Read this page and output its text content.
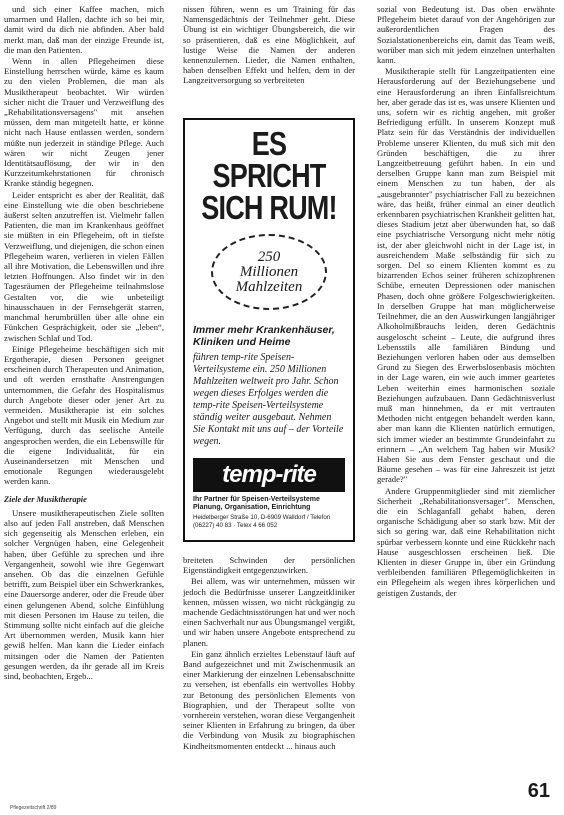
und sich einer Kaffee machen, mich umarmen und Hallen, dachte ich so bei mir, damit wird du dich nie abfinden. Aber bald merkt man, daß man der einzige Freunde ist, die man den Patienten.

Wenn in allen Pflegeheimen diese Einstellung herrschen würde, käme es kaum zu den vielen Problemen, die man als Musiktherapeut beobachtet. Wir würden sicher nicht die Trauer und Verzweiflung des „Rehabilitationsversagens" mit ansehen müssen, dem man mitgeteilt hatte, er könne nicht nach Hause entlassen werden, sondern müßte nun jederzeit in ständige Pflege. Auch wären wir nicht Zeugen jener Identitätsauflösung, der wir in den Kurzzeitumkehrstationen für chronisch Kranke ständig begegnen.

Leider entspricht es aber der Realität, daß eine Einstellung wie die oben beschriebene äußerst selten anzutreffen ist. Vielmehr fallen Patienten, die man im Krankenhaus geöffnet sie müßten in ein Pflegeheim, oft in tiefste Verzweiflung, und diejenigen, die schon einen Pflegeheim waren, verlieren in vielen Fällen all ihre Motivation, die Lebenswillen und ihre letzten Hoffnungen. Also findet wir in den Tagesräumen der Pflegeheime teilnahmslose Gestalten vor, die wie unbeteiligt hinausschauen in der Fernsehgerät starren, manchmal herumbrüllen über alle ohne ein Fünkchen Gesprächigkeit, oder sie „leben“, zwischen Schlaf und Tod.

Einige Pflegeheime beschäftigen sich mit Ergotherapie, diesen Personen geeignet erscheinen durch Therapeuten und Animation, und oft werden ernsthafte Anstrengungen unternommen, die Gefahr des Hospitalismus durch Angebote dieser oder jener Art zu vermeiden. Musiktherapie ist ein solches Angebot und stellt mit Musik ein Medium zur Verfügung, durch das seelische Anteile angesprochen werden, die ein Lebenswille für die eigene Individualität, für ein Auseinandersetzen mit Menschen und emotionale Regungen wiederausgelebt werden kann.

Ziele der Musiktherapie

Unsere musiktherapeutischen Ziele sollten also auf jeden Fall anstreben, daß Menschen sich gegenseitig als Menschen erleben, ein solcher Vergnügen haben, eine Gelegenheit haben, über Gefühle zu sprechen und ihre Vergangenheit, sowohl wie ihre Gegenwart ansehen. Ob das die einzelnen Gefühle betrifft, zum Beispiel über ein Schwerkrankes, eine Dauersorge anderer, oder die Freude über einen gelungenen Abend, solche Einfühlung mit diesen Personen im Hause zu teilen, die Stimmung sollte nicht einfach auf die gleiche Art übernommen werden, Musik kann hier gewiß helfen. Man kann die Lieder einfach mitsingen oder die Namen der Patienten gesungen werden, da ihr gerade all im Kreis sind, beobachten, Ergeb...

nissen führen, wenn es um Training für das Namensgedächtnis der Teilnehmer geht. Diese Übung ist ein wichtiger Übungsbereich, die wir so präsentieren, daß es eine Möglichkeit, auf lustige Weise die Namen der anderen kennenzulernen. Lieder, die Namen enthalten, haben denselben Effekt und helfen, dem in der Langzeitversorgung so verbreiteten

ES SPRICHT
SICH RUM!
250
Millionen
Mahlzeiten
Immer mehr Krankenhäuser, Kliniken und Heime
führen temp-rite Speisen-Verteilsysteme ein. 250 Millionen Mahlzeiten weltweit pro Jahr. Schon wegen dieses Erfolges werden die temp-rite Speisen-Verteilsysteme ständig weiter ausgebaut. Nehmen Sie Kontakt mit uns auf – der Vorteile wegen.
temp-rite
Ihr Partner für Speisen-Verteilsysteme Planung, Organisation, Einrichtung
Heidelberger Straße 10, D-6909 Walldorf / Telefon (06227) 40 83 · Telex 4 66 052

breiteten Schwinden der persönlichen Eigenständigkeit entgegenzuwirken.

Bei allem, was wir unternehmen, müssen wir jedoch die Bedürfnisse unserer Langzeitkliniker kennen, müssen wissen, wo nicht rückgängig zu machende Gedächtnisstörungen hat und wer noch einen Sachverhalt nur aus Übungsmangel vergißt, und wir haben unsere Angebote entsprechend zu planen.

Ein ganz ähnlich erzieltes Lebenstauf läuft auf Band aufgezeichnet und mit Zwischenmusik an einer Markierung der einzelnen Lebensabschnitte zu versehen, ist ebenfalls ein wertvolles Hobby zur Betonung des persönlichen Elements von Biographien, und der Therapeut sollte von vornherein verstehen, woran diese Vergangenheit seiner Klienten in Erfahrung zu bringen, da über die Verbindung von Musik zu biographischen Kindheitsmomenten entdeckt ... hinaus auch

sozial von Bedeutung ist. Das oben erwähnte Pflegeheim bietet darauf von der Angehörigen zur außerordentlichen Fragen des Sozialstationenbereichs ein, damit das Team weiß, worüber man sich mit jedem einzelnen unterhalten kann.

Musiktherapie stellt für Langzeitpatienten eine Herausforderung auf der Beziehungsebene und eine Herausforderung an ihren Einfallsreichtum her, aber gerade das ist es, was unsere Klienten und uns, sofern wir es richtig angehen, mit großer Befriedigung erfüllt. In unserem Konzept muß Platz sein für das Verständnis der individuellen Probleme unserer Klienten, du muß sich mit den Gründen beschäftigen, die zu ihrer Langzeitbetreuung geführt haben. In ein und derselben Gruppe kann man zum Beispiel mit einem Menschen zu tun haben, der als „ausgebrannter" psychiatrischer Fall zu bezeichnen wäre, das heißt, früher einmal an einer deutlich erkennbaren psychiatrischen Krankheit gelitten hat, dieses Stadium jetzt aber überwunden hat, so daß eine psychiatrische Versorgung nicht mehr nötig ist, der aber gleichwohl nicht in der Lage ist, in ausreichendem Maße selbständig für sich zu sorgen. Del so einem Klienten kommt es zu bizarrenden Echos seiner früheren schizophrenen Schübe, erneuten Depressionen oder manischen Phasen, doch ohne größere Folgeschwierigkeiten. In derselben Gruppe hat man möglicherweise Teilnehmer, die an den Auswirkungen langjähriger Alkoholmißbrauchs leiden, deren Gedächtnis ausgeloscht scheint – Leute, die aufgrund ihres Lebensstils alle familiären Bindung und Beziehungen verloren haben oder aus demselben Grund zu Siegen des Erwerbslosenbasis möchten in der Lage waren, ein wie auch immer geartetes Leben weiterhin eines harmonischen soziale Beziehungen aufzubauen. Dann Gedächtnisverlust muß man hinnehmen, da er mit vertrauten Methoden nicht entgegen behandelt werden kann, aber man kann die Klienten natürlich ermutigen, sich immer wieder an bestimmte Grundeinfahrt zu erinnern – „An welchem Tag haben wir Musik? Haben Sie aus dem Fenster geschaut und die Bäume gesehen – was für eine Jahreszeit ist jetzt gerade?"

Andere Gruppenmitglieder sind mit ziemlicher Sicherheit „Rehabilitationsversager". Menschen, die ein Schlaganfall gehabt haben, deren organische Schädigung aber so stark bzw. Mit der sich so gering war, daß eine Rehabilitation nicht spürbar verbessern konnte und eine Rückkehr nach Hause ausgeschlossen erscheinen ließ. Die Klienten in dieser Gruppe in, über ein Gründung verbleibenden familiären Pflegemöglichkeiten in ein Pflegeheim als wegen ihres körperlichen und geistigen Zustands, der

61
Pflegezeitschrift 2/89
